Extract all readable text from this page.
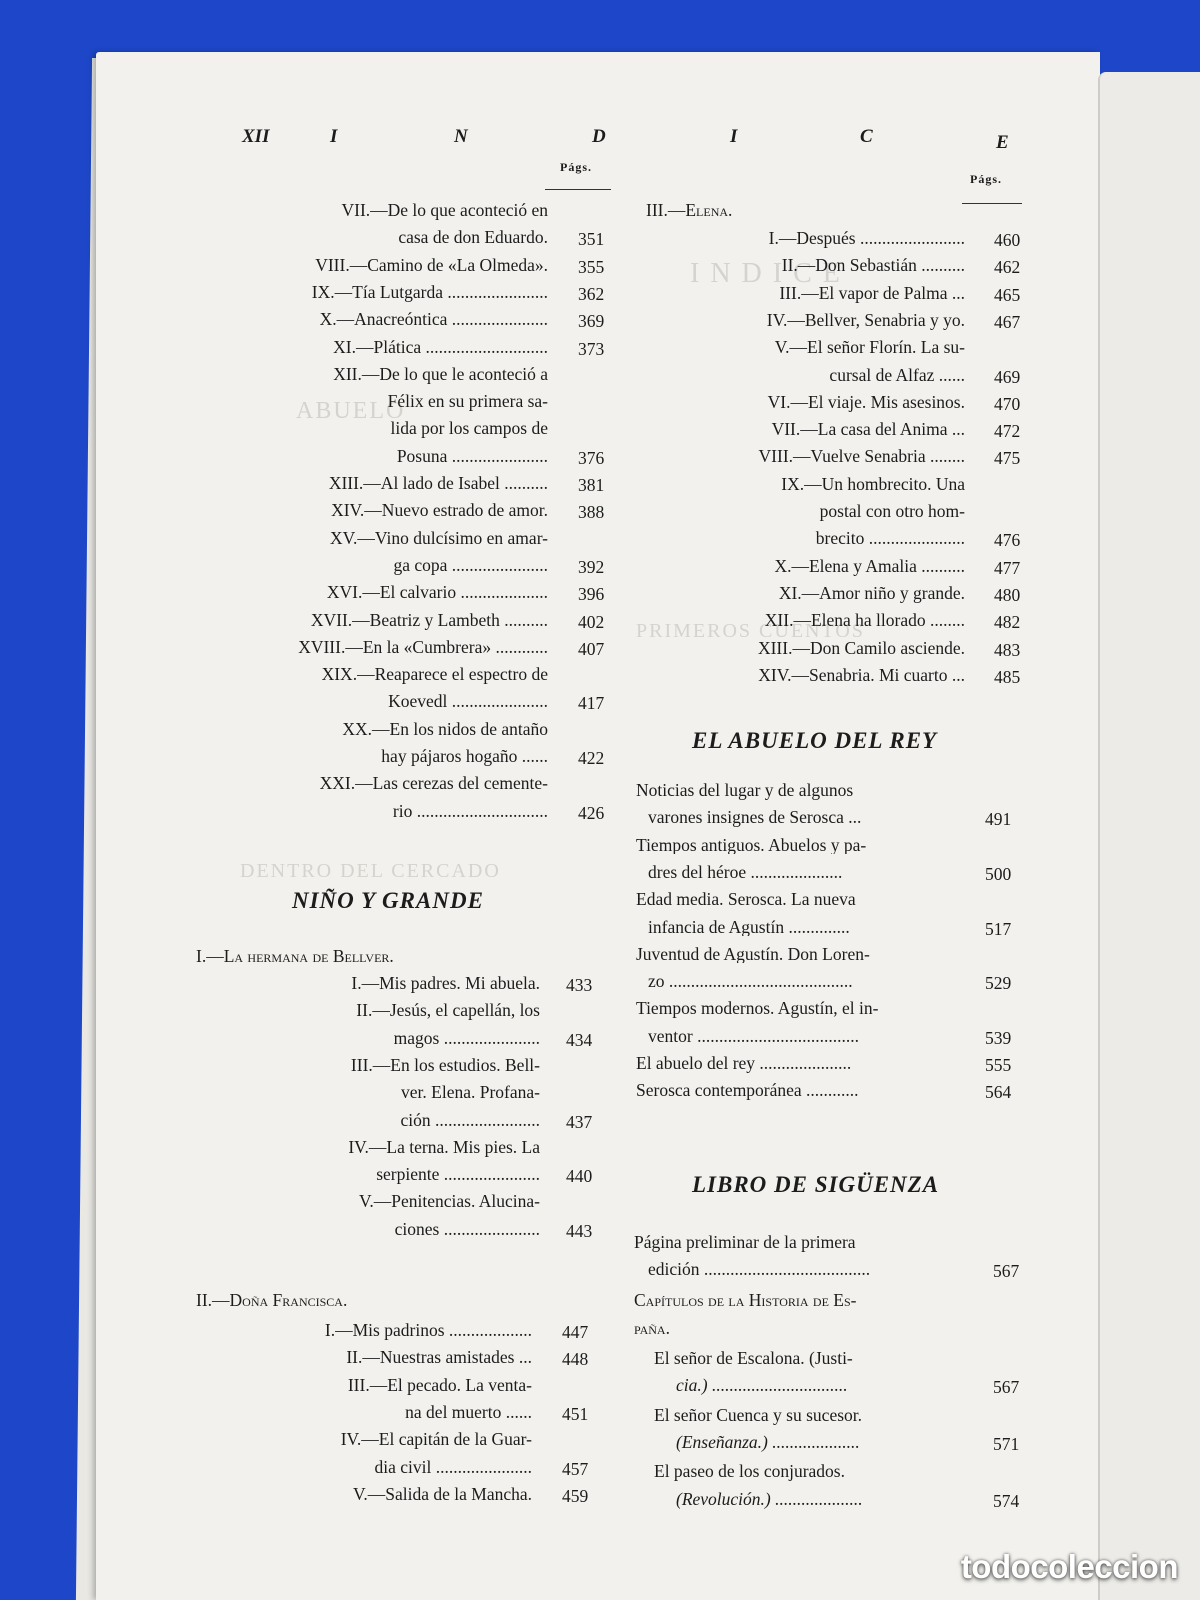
I N D I C E
DENTRO DEL CERCADO
PRIMEROS CUENTOS
ABUELO
XII	I	N	D	I	C	E
Págs.
Págs.
VII.—De lo que aconteció en
casa de don Eduardo. 351
VIII.—Camino de «La Olmeda». 355
IX.—Tía Lutgarda ....................... 362
X.—Anacreóntica ...................... 369
XI.—Plática ............................ 373
XII.—De lo que le aconteció a
Félix en su primera sa-
lida por los campos de
Posuna ...................... 376
XIII.—Al lado de Isabel .......... 381
XIV.—Nuevo estrado de amor. 388
XV.—Vino dulcísimo en amar-
ga copa ...................... 392
XVI.—El calvario .................... 396
XVII.—Beatriz y Lambeth .......... 402
XVIII.—En la «Cumbrera» ............ 407
XIX.—Reaparece el espectro de
Koevedl ...................... 417
XX.—En los nidos de antaño
hay pájaros hogaño ...... 422
XXI.—Las cerezas del cemente-
rio .............................. 426
NIÑO Y GRANDE
I.—La hermana de Bellver.
I.—Mis padres. Mi abuela. 433
II.—Jesús, el capellán, los
magos ...................... 434
III.—En los estudios. Bell-
ver. Elena. Profana-
ción ........................ 437
IV.—La terna. Mis pies. La
serpiente ...................... 440
V.—Penitencias. Alucina-
ciones ...................... 443
II.—Doña Francisca.
I.—Mis padrinos ................... 447
II.—Nuestras amistades ... 448
III.—El pecado. La venta-
na del muerto ...... 451
IV.—El capitán de la Guar-
dia civil ...................... 457
V.—Salida de la Mancha. 459
III.—Elena.
I.—Después ........................ 460
II.—Don Sebastián .......... 462
III.—El vapor de Palma ... 465
IV.—Bellver, Senabria y yo. 467
V.—El señor Florín. La su-
cursal de Alfaz ...... 469
VI.—El viaje. Mis asesinos. 470
VII.—La casa del Anima ... 472
VIII.—Vuelve Senabria ........ 475
IX.—Un hombrecito. Una
postal con otro hom-
brecito ...................... 476
X.—Elena y Amalia .......... 477
XI.—Amor niño y grande. 480
XII.—Elena ha llorado ........ 482
XIII.—Don Camilo asciende. 483
XIV.—Senabria. Mi cuarto ... 485
EL ABUELO DEL REY
Noticias del lugar y de algunos
varones insignes de Serosca ...	491
Tiempos antiguos. Abuelos y pa-
dres del héroe .....................	500
Edad media. Serosca. La nueva
infancia de Agustín ..............	517
Juventud de Agustín. Don Loren-
zo ..........................................	529
Tiempos modernos. Agustín, el in-
ventor .....................................	539
El abuelo del rey .....................	555
Serosca contemporánea ............	564
LIBRO DE SIGÜENZA
Página preliminar de la primera
edición ......................................	567
Capítulos de la Historia de Es-
paña.
El señor de Escalona. (Justi-
cia.) ...............................	567
El señor Cuenca y su sucesor.
(Enseñanza.) ....................	571
El paseo de los conjurados.
(Revolución.) ....................	574
todocoleccion
